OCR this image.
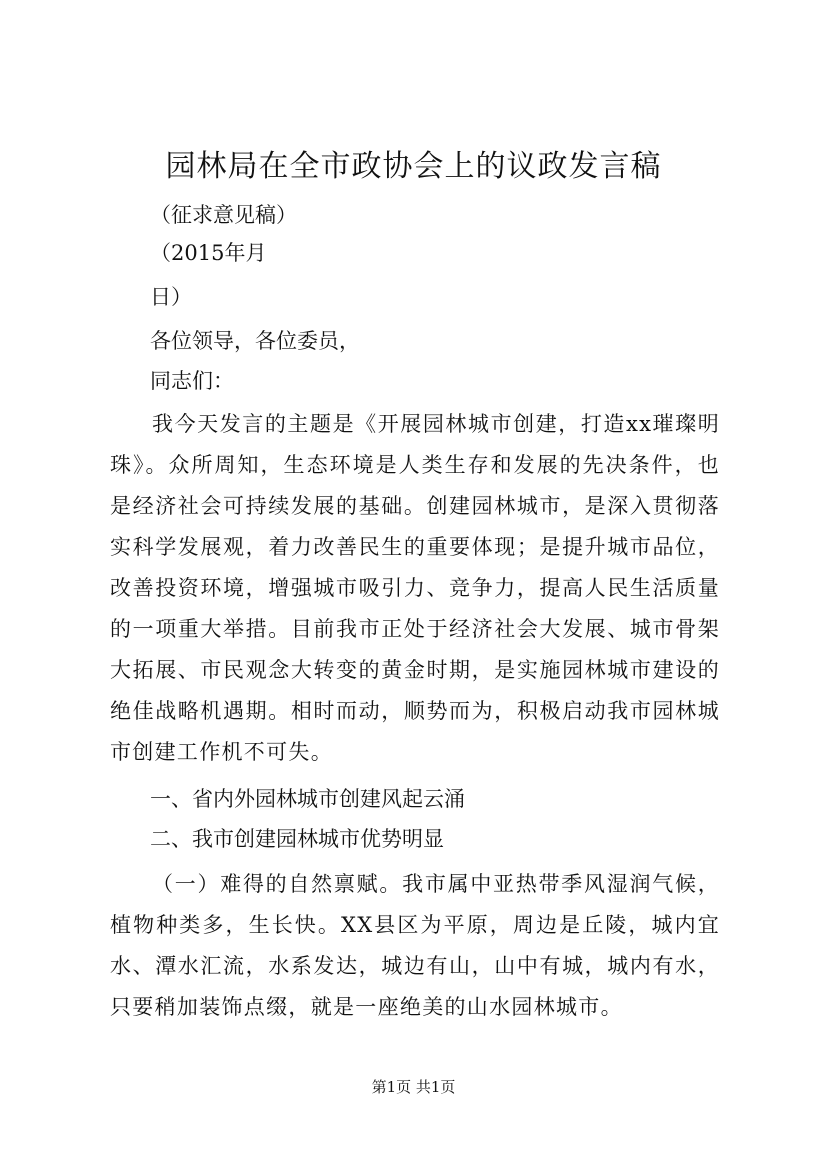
园林局在全市政协会上的议政发言稿

（征求意见稿）

（2015年月

日）

各位领导，各位委员，

同志们：

我今天发言的主题是《开展园林城市创建，打造xx璀璨明珠》。众所周知，生态环境是人类生存和发展的先决条件，也是经济社会可持续发展的基础。创建园林城市，是深入贯彻落实科学发展观，着力改善民生的重要体现；是提升城市品位，改善投资环境，增强城市吸引力、竞争力，提高人民生活质量的一项重大举措。目前我市正处于经济社会大发展、城市骨架大拓展、市民观念大转变的黄金时期，是实施园林城市建设的绝佳战略机遇期。相时而动，顺势而为，积极启动我市园林城市创建工作机不可失。

一、省内外园林城市创建风起云涌

二、我市创建园林城市优势明显

（一）难得的自然禀赋。我市属中亚热带季风湿润气候，植物种类多，生长快。XX县区为平原，周边是丘陵，城内宜水、潭水汇流，水系发达，城边有山，山中有城，城内有水，只要稍加装饰点缀，就是一座绝美的山水园林城市。

第1页 共1页
